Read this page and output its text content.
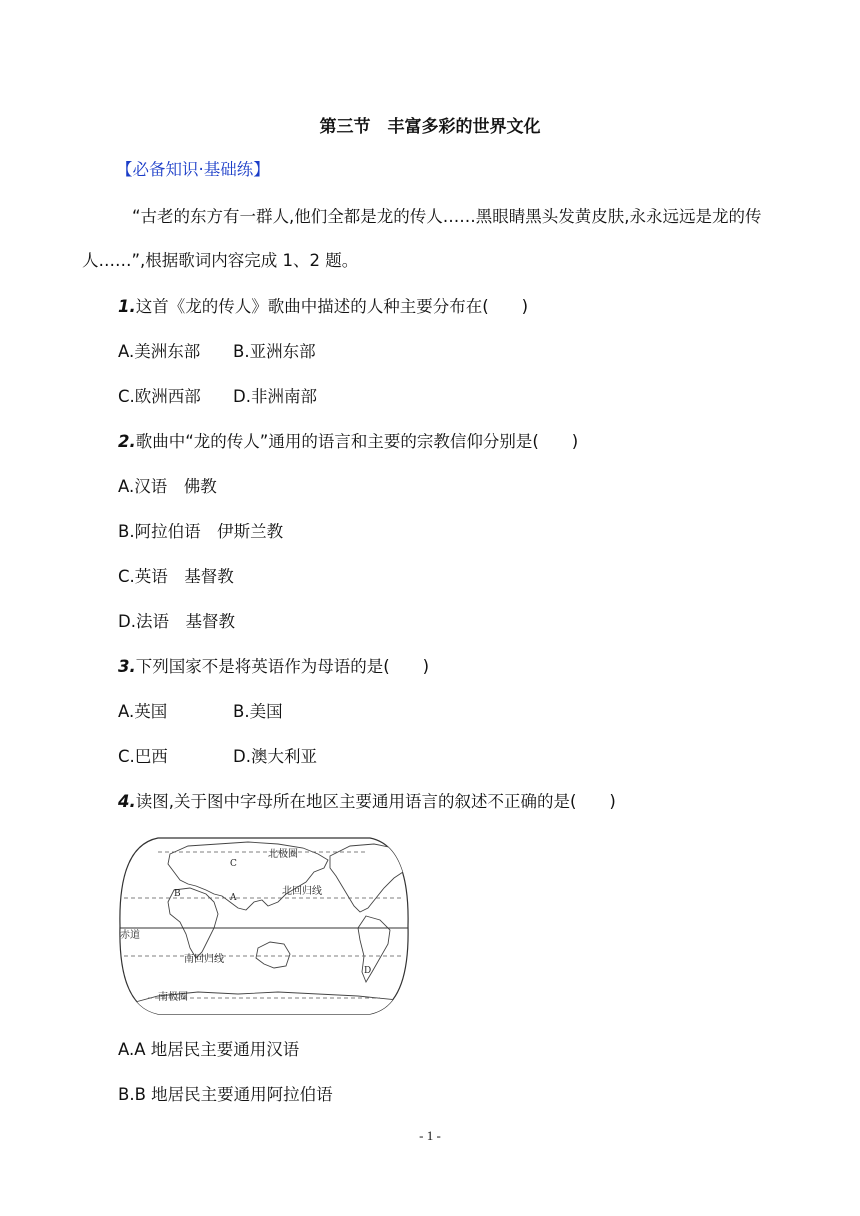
第三节　丰富多彩的世界文化
【必备知识·基础练】
“古老的东方有一群人,他们全都是龙的传人……黑眼睛黑头发黄皮肤,永永远远是龙的传
人……”,根据歌词内容完成 1、2 题。
1.这首《龙的传人》歌曲中描述的人种主要分布在(　　)
A.美洲东部 B.亚洲东部
C.欧洲西部 D.非洲南部
2.歌曲中“龙的传人”通用的语言和主要的宗教信仰分别是(　　)
A.汉语　佛教
B.阿拉伯语　伊斯兰教
C.英语　基督教
D.法语　基督教
3.下列国家不是将英语作为母语的是(　　)
A.英国	B.美国
C.巴西	D.澳大利亚
4.读图,关于图中字母所在地区主要通用语言的叙述不正确的是(　　)
北极圈
北回归线
赤道
南回归线
南极圈
A
B
C
D
A.A 地居民主要通用汉语
B.B 地居民主要通用阿拉伯语
- 1 -
